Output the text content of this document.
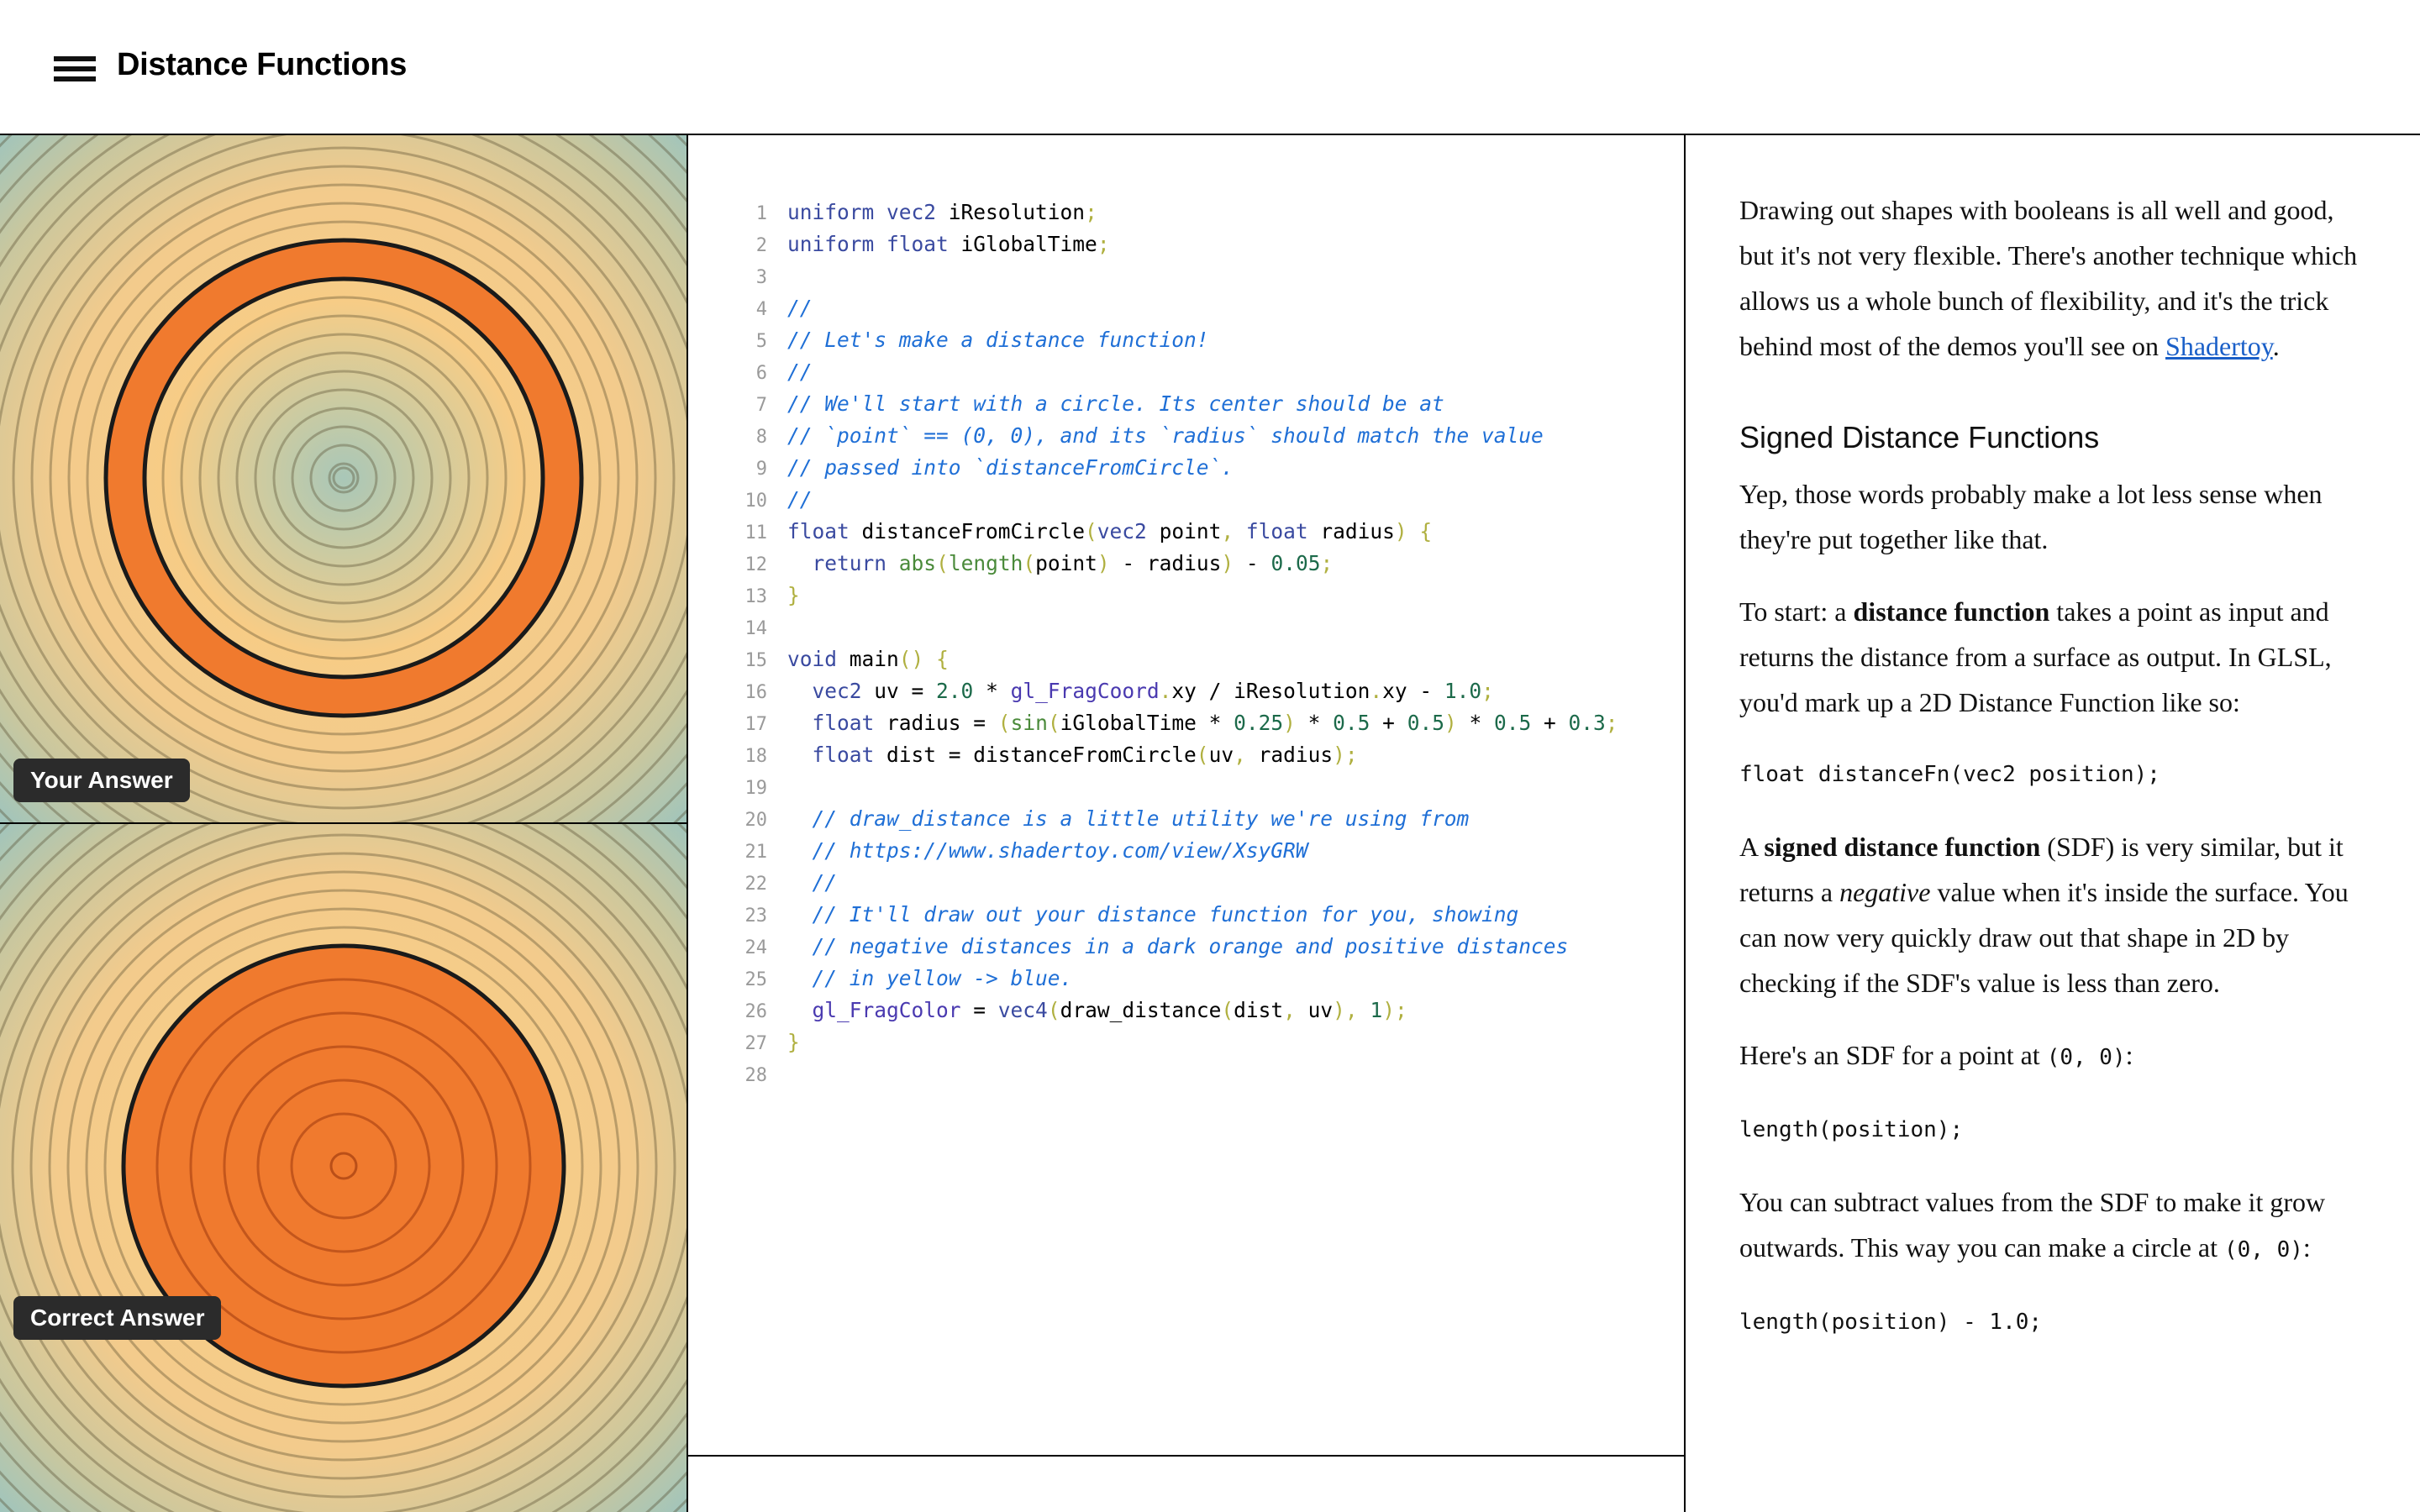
Distance Functions
Your Answer
Correct Answer
1 uniform vec2 iResolution;
2 uniform float iGlobalTime;
3
4 //
5 // Let's make a distance function!
6 //
7 // We'll start with a circle. Its center should be at
8 // `point` == (0, 0), and its `radius` should match the value
9 // passed into `distanceFromCircle`.
10 //
11 float distanceFromCircle(vec2 point, float radius) {
12 return abs(length(point) - radius) - 0.05;
13 }
14
15 void main() {
16 vec2 uv = 2.0 * gl_FragCoord.xy / iResolution.xy - 1.0;
17 float radius = (sin(iGlobalTime * 0.25) * 0.5 + 0.5) * 0.5 + 0.3;
18 float dist = distanceFromCircle(uv, radius);
19
20 // draw_distance is a little utility we're using from
21 // https://www.shadertoy.com/view/XsyGRW
22 //
23 // It'll draw out your distance function for you, showing
24 // negative distances in a dark orange and positive distances
25 // in yellow -> blue.
26 gl_FragColor = vec4(draw_distance(dist, uv), 1);
27 }
28

Drawing out shapes with booleans is all well and good, but it's not very flexible. There's another technique which allows us a whole bunch of flexibility, and it's the trick behind most of the demos you'll see on Shadertoy.

Signed Distance Functions

Yep, those words probably make a lot less sense when they're put together like that.

To start: a distance function takes a point as input and returns the distance from a surface as output. In GLSL, you'd mark up a 2D Distance Function like so:

float distanceFn(vec2 position);

A signed distance function (SDF) is very similar, but it returns a negative value when it's inside the surface. You can now very quickly draw out that shape in 2D by checking if the SDF's value is less than zero.

Here's an SDF for a point at (0, 0):

length(position);

You can subtract values from the SDF to make it grow outwards. This way you can make a circle at (0, 0):

length(position) - 1.0;
